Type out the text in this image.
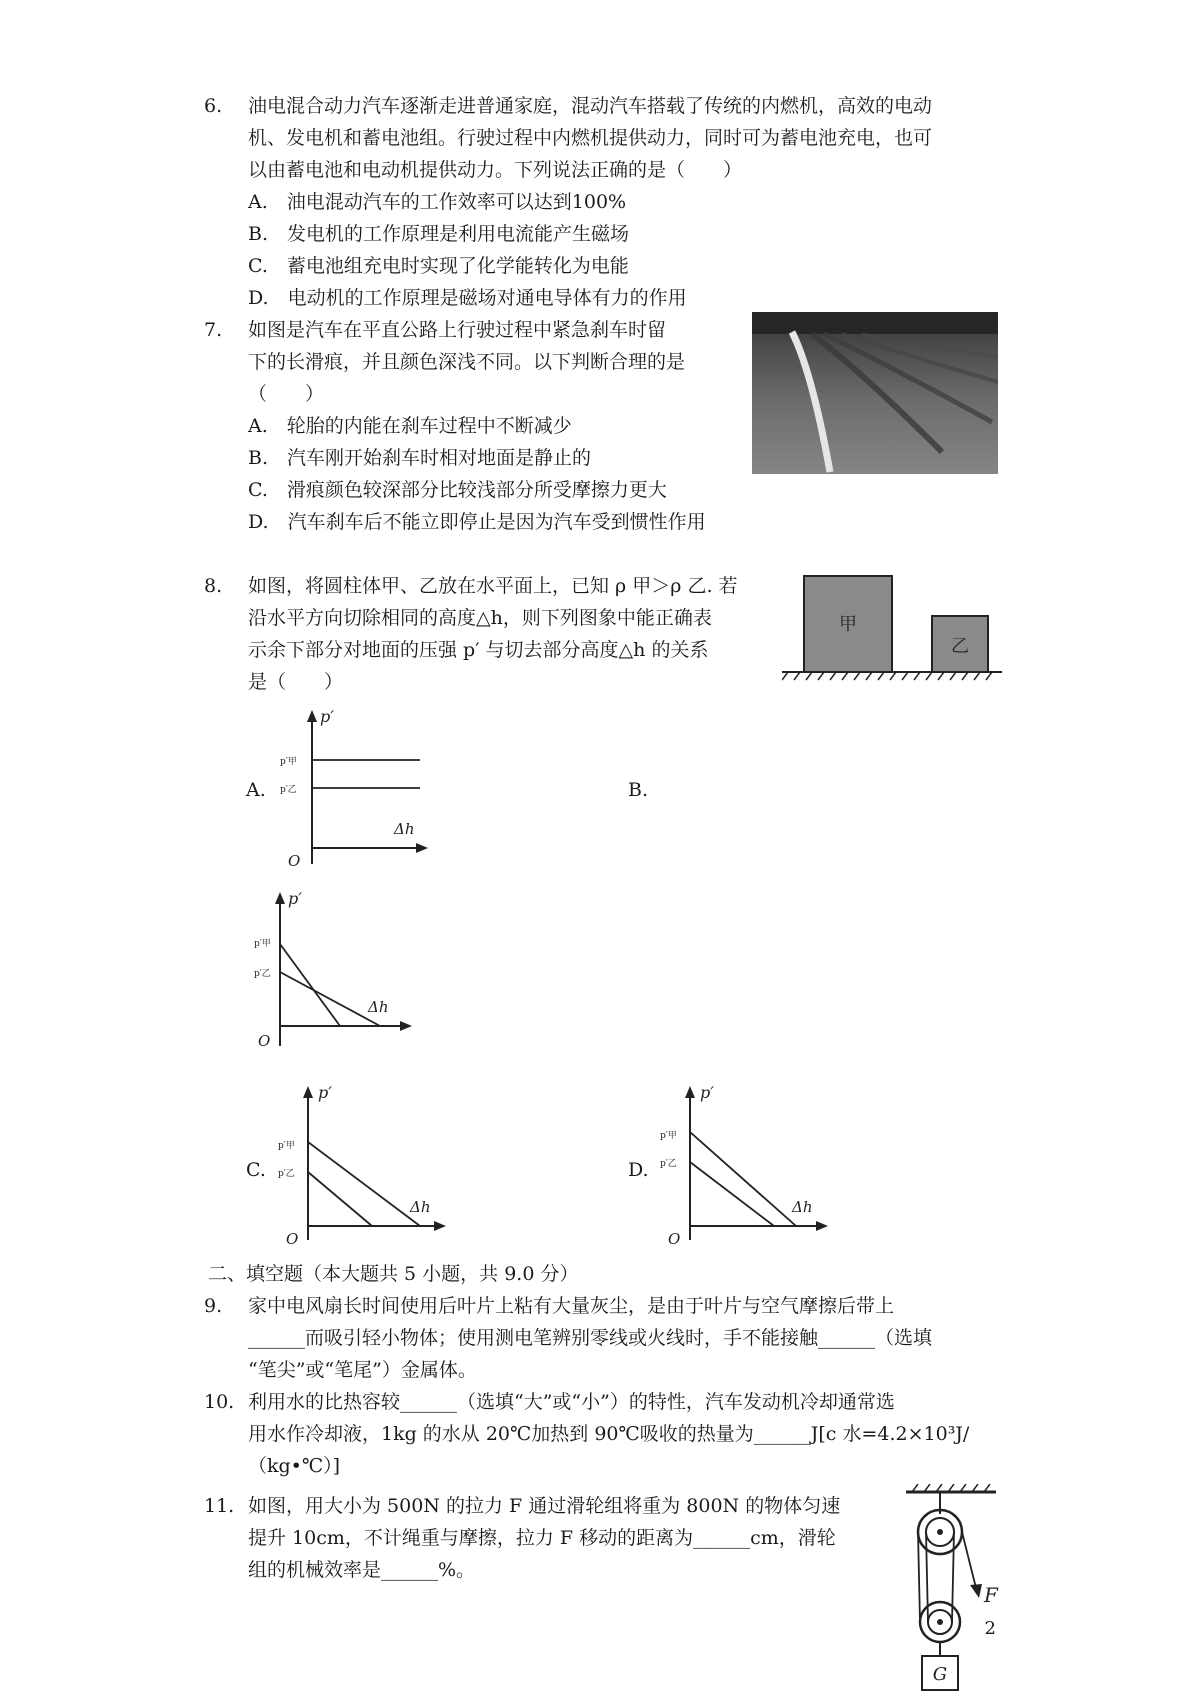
6.	油电混合动力汽车逐渐走进普通家庭，混动汽车搭载了传统的内燃机，高效的电动
机、发电机和蓄电池组。行驶过程中内燃机提供动力，同时可为蓄电池充电，也可
以由蓄电池和电动机提供动力。下列说法正确的是（　　）
A.　油电混动汽车的工作效率可以达到100%
B.　发电机的工作原理是利用电流能产生磁场
C.　蓄电池组充电时实现了化学能转化为电能
D.　电动机的工作原理是磁场对通电导体有力的作用
7.	如图是汽车在平直公路上行驶过程中紧急刹车时留
下的长滑痕，并且颜色深浅不同。以下判断合理的是
（　　）
A.　轮胎的内能在刹车过程中不断减少
B.　汽车刚开始刹车时相对地面是静止的
C.　滑痕颜色较深部分比较浅部分所受摩擦力更大
D.　汽车刹车后不能立即停止是因为汽车受到惯性作用
8.	如图，将圆柱体甲、乙放在水平面上，已知 ρ 甲＞ρ 乙. 若
沿水平方向切除相同的高度△h，则下列图象中能正确表
示余下部分对地面的压强 p′ 与切去部分高度△h 的关系
是（　　）
甲
乙
A.
p′
Δh
O
p′甲
p′乙	B.
p′
Δh
O
p′甲
p′乙
C.
p′
Δh
O
p′甲
p′乙	D.
p′
Δh
O
p′甲
p′乙
二、填空题（本大题共 5 小题，共 9.0 分）
9.	家中电风扇长时间使用后叶片上粘有大量灰尘，是由于叶片与空气摩擦后带上
______而吸引轻小物体；使用测电笔辨别零线或火线时，手不能接触______（选填
“笔尖”或“笔尾”）金属体。
10. 利用水的比热容较______（选填“大”或“小”）的特性，汽车发动机冷却通常选
用水作冷却液，1kg 的水从 20℃加热到 90℃吸收的热量为______J[c 水=4.2×10³J/
（kg•℃）]
11. 如图，用大小为 500N 的拉力 F 通过滑轮组将重为 800N 的物体匀速
提升 10cm，不计绳重与摩擦，拉力 F 移动的距离为______cm，滑轮
组的机械效率是______%。
F
G
2
